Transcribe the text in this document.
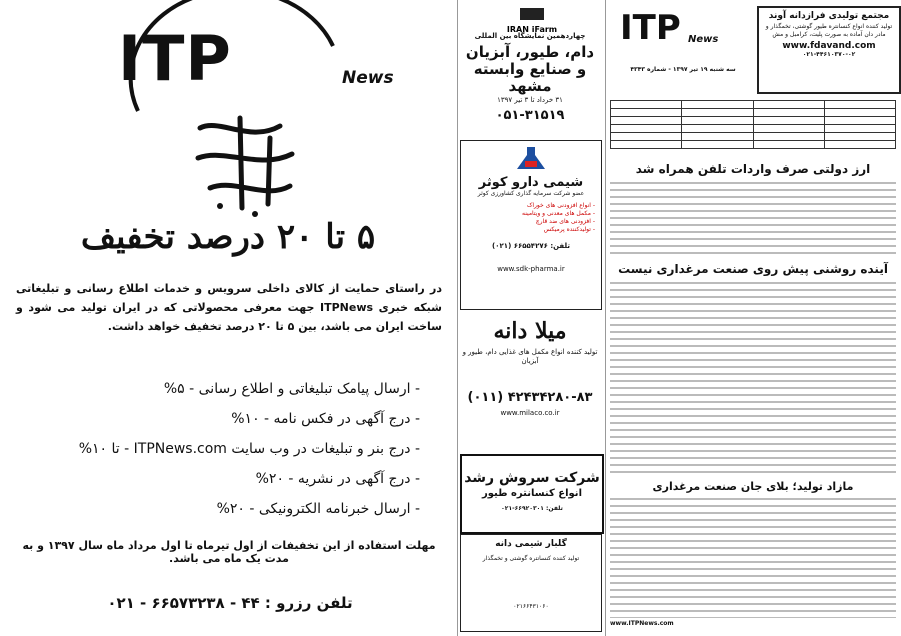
ITP	News
۵ تا ۲۰ درصد تخفیف
در راستای حمایت از کالای داخلی سرویس و خدمات اطلاع رسانی و تبلیغاتی شبکه خبری ITPNews جهت معرفی محصولاتی که در ایران تولید می شود و ساخت ایران می باشد، بین ۵ تا ۲۰ درصد تخفیف خواهد داشت.
- ارسال پیامک تبلیغاتی و اطلاع رسانی - ۵%
- درج آگهی در فکس نامه - ۱۰%
- درج بنر و تبلیغات در وب سایت ITPNews.com - تا ۱۰%
- درج آگهی در نشریه - ۲۰%
- ارسال خبرنامه الکترونیکی - ۲۰%
مهلت استفاده از این تخفیفات از اول تیرماه تا اول مرداد ماه سال ۱۳۹۷ و به مدت یک ماه می باشد.
تلفن رزرو : ۴۴ - ۶۶۵۷۳۲۳۸ - ۰۲۱
IRAN iFarm
چهاردهمین نمایشگاه بین المللی
دام، طیور، آبزیان و صنایع وابسته مشهد
۳۱ خرداد تا ۳ تیر ۱۳۹۷
۰۵۱-۳۱۵۱۹
شیمی دارو کوثر
عضو شرکت سرمایه گذاری کشاورزی کوثر
- انواع افزودنی های خوراک
- مکمل های معدنی و ویتامینه
- افزودنی های ضد قارچ
- تولیدکننده پرمیکس
تلفن: ۶۶۵۵۴۲۷۶ (۰۲۱)
www.sdk-pharma.ir
میلا دانه
تولید کننده انواع مکمل های غذایی دام، طیور و آبزیان
(۰۱۱) ۴۲۴۳۴۲۸۰-۸۳
www.milaco.co.ir
شرکت سروش رشد
انواع کنسانتره طیور
تلفن: ۶۶۹۲۰۳۰۱-۰۲۱
گلبار شیمی دانه
تولید کننده کنسانتره گوشتی و تخمگذار
۰۲۱۶۶۴۳۱۰۶۰
مجتمع تولیدی فرازدانه آوند
تولید کننده انواع کنسانتره طیور گوشتی، تخمگذار و مادر دان آماده به صورت پلیت، کرامبل و مش
www.fdavand.com
۰۲۱-۴۴۶۱۰۳۷۰-۰۲
ITP News
سه شنبه ۱۹ تیر ۱۳۹۷ - شماره ۴۳۴۳

ارز دولتی صرف واردات تلفن همراه شد
آینده روشنی پیش روی صنعت مرغداری نیست
مازاد تولید؛ بلای جان صنعت مرغداری
www.ITPNews.com
